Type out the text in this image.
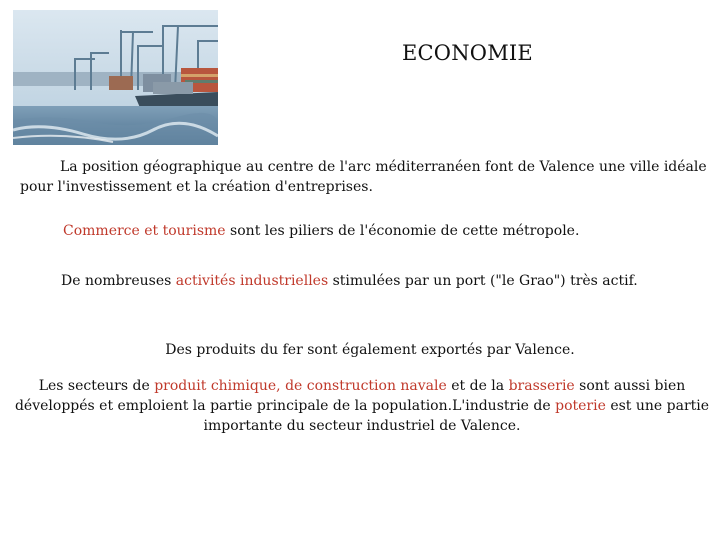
ECONOMIE
La position géographique au centre de l'arc méditerranéen font de Valence une ville idéale
pour l'investissement et la création d'entreprises.
Commerce et tourisme sont les piliers de l'économie de cette métropole.
De nombreuses activités industrielles stimulées par un port ("le Grao") très actif.
Des produits du fer sont également exportés par Valence.
Les secteurs de produit chimique, de construction navale et de la brasserie sont aussi bien développés et emploient la partie principale de la population.L'industrie de poterie est une partie importante du secteur industriel de Valence.
